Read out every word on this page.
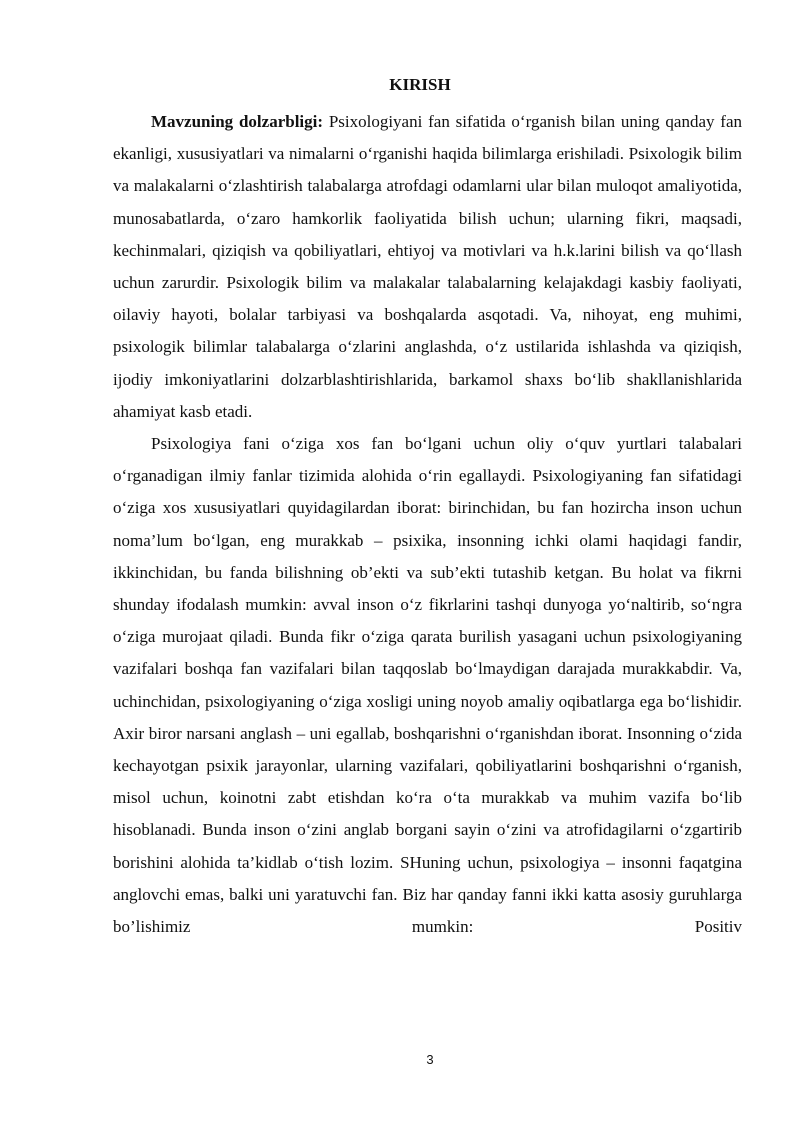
KIRISH

Mavzuning dolzarbligi: Psixologiyani fan sifatida o‘rganish bilan uning qanday fan ekanligi, xususiyatlari va nimalarni o‘rganishi haqida bilimlarga erishiladi. Psixologik bilim va malakalarni o‘zlashtirish talabalarga atrofdagi odamlarni ular bilan muloqot amaliyotida, munosabatlarda, o‘zaro hamkorlik faoliyatida bilish uchun; ularning fikri, maqsadi, kechinmalari, qiziqish va qobiliyatlari, ehtiyoj va motivlari va h.k.larini bilish va qo‘llash uchun zarurdir. Psixologik bilim va malakalar talabalarning kelajakdagi kasbiy faoliyati, oilaviy hayoti, bolalar tarbiyasi va boshqalarda asqotadi. Va, nihoyat, eng muhimi, psixologik bilimlar talabalarga o‘zlarini anglashda, o‘z ustilarida ishlashda va qiziqish, ijodiy imkoniyatlarini dolzarblashtirishlarida, barkamol shaxs bo‘lib shakllanishlarida ahamiyat kasb etadi.

Psixologiya fani o‘ziga xos fan bo‘lgani uchun oliy o‘quv yurtlari talabalari o‘rganadigan ilmiy fanlar tizimida alohida o‘rin egallaydi. Psixologiyaning fan sifatidagi o‘ziga xos xususiyatlari quyidagilardan iborat: birinchidan, bu fan hozircha inson uchun noma’lum bo‘lgan, eng murakkab – psixika, insonning ichki olami haqidagi fandir, ikkinchidan, bu fanda bilishning ob’ekti va sub’ekti tutashib ketgan. Bu holat va fikrni shunday ifodalash mumkin: avval inson o‘z fikrlarini tashqi dunyoga yo‘naltirib, so‘ngra o‘ziga murojaat qiladi. Bunda fikr o‘ziga qarata burilish yasagani uchun psixologiyaning vazifalari boshqa fan vazifalari bilan taqqoslab bo‘lmaydigan darajada murakkabdir. Va, uchinchidan, psixologiyaning o‘ziga xosligi uning noyob amaliy oqibatlarga ega bo‘lishidir. Axir biror narsani anglash – uni egallab, boshqarishni o‘rganishdan iborat. Insonning o‘zida kechayotgan psixik jarayonlar, ularning vazifalari, qobiliyatlarini boshqarishni o‘rganish, misol uchun, koinotni zabt etishdan ko‘ra o‘ta murakkab va muhim vazifa bo‘lib hisoblanadi. Bunda inson o‘zini anglab borgani sayin o‘zini va atrofidagilarni o‘zgartirib borishini alohida ta’kidlab o‘tish lozim. SHuning uchun, psixologiya – insonni faqatgina anglovchi emas, balki uni yaratuvchi fan. Biz har qanday fanni ikki katta asosiy guruhlarga bo’lishimiz mumkin: Positiv

3
